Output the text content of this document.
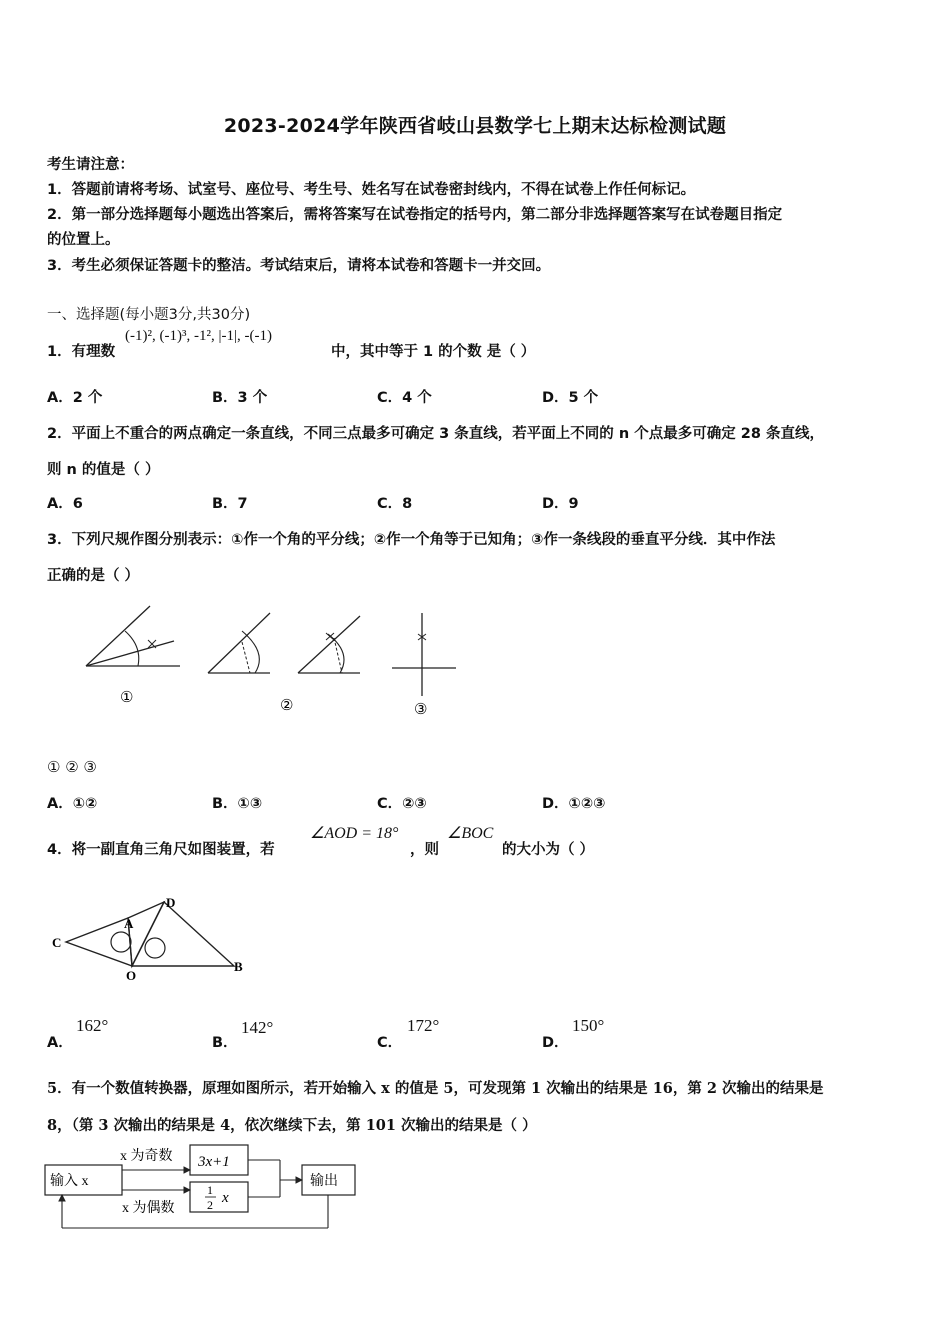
2023-2024学年陕西省岐山县数学七上期末达标检测试题
考生请注意：
1．答题前请将考场、试室号、座位号、考生号、姓名写在试卷密封线内，不得在试卷上作任何标记。
2．第一部分选择题每小题选出答案后，需将答案写在试卷指定的括号内，第二部分非选择题答案写在试卷题目指定
的位置上。
3．考生必须保证答题卡的整洁。考试结束后，请将本试卷和答题卡一并交回。
一、选择题(每小题3分,共30分)
1．有理数
(-1)², (-1)³, -1², |-1|, -(-1)
中，其中等于 1 的个数 是（ ）
A．2 个	B．3 个	C．4 个	D．5 个
2．平面上不重合的两点确定一条直线，不同三点最多可确定 3 条直线，若平面上不同的 n 个点最多可确定 28 条直线，
则 n 的值是（ ）
A．6	B．7	C．8	D．9
3．下列尺规作图分别表示：①作一个角的平分线；②作一个角等于已知角；③作一条线段的垂直平分线．其中作法
正确的是（ ）
①	②	③
① ② ③
A．①②	B．①③	C．②③	D．①②③
4．将一副直角三角尺如图装置，若
∠AOD = 18°
，则
∠BOC
的大小为（ ）
C
A
D
O
B
A．
162°
B．
142°
C．
172°
D．
150°
5．有一个数值转换器，原理如图所示，若开始输入 x 的值是 5，可发现第 1 次输出的结果是 16，第 2 次输出的结果是
8，（第 3 次输出的结果是 4，依次继续下去，第 101 次输出的结果是（ ）
输入 x
x 为奇数 3x+1
x 为偶数
1
2 x
输出
